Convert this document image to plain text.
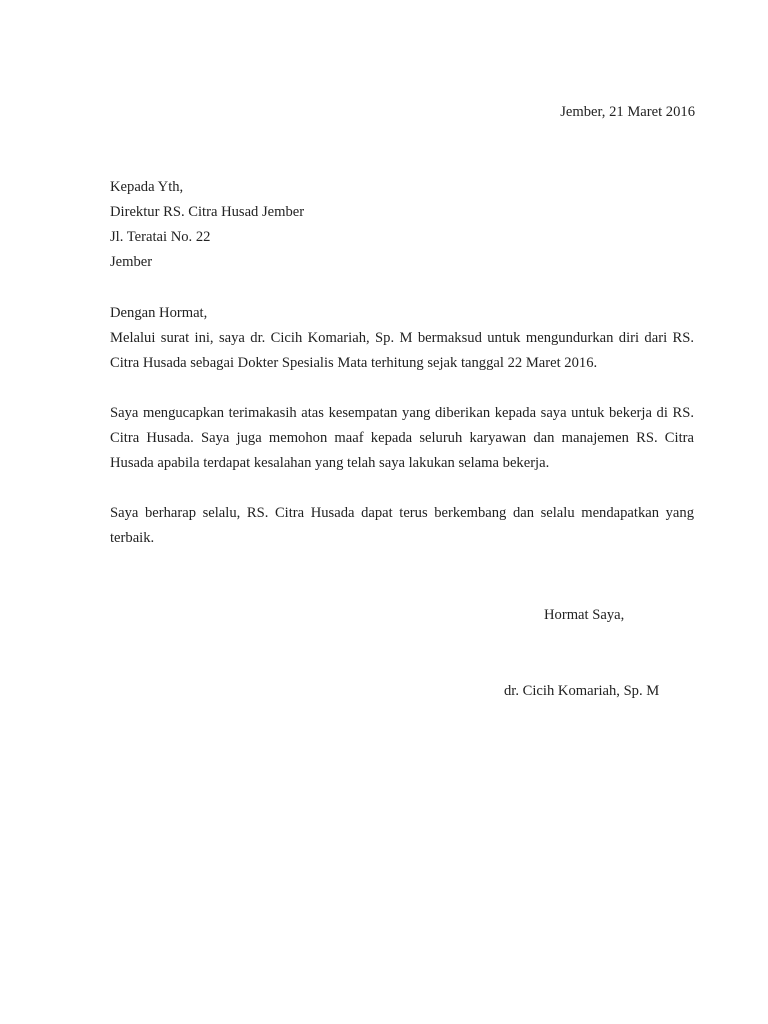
Jember, 21 Maret 2016
Kepada Yth,
Direktur RS. Citra Husad Jember
Jl. Teratai No. 22
Jember
Dengan Hormat,

Melalui surat ini, saya dr. Cicih Komariah, Sp. M bermaksud untuk mengundurkan diri dari RS. Citra Husada sebagai Dokter Spesialis Mata terhitung sejak tanggal 22 Maret 2016.

Saya mengucapkan terimakasih atas kesempatan yang diberikan kepada saya untuk bekerja di RS. Citra Husada. Saya juga memohon maaf kepada seluruh karyawan dan manajemen RS. Citra Husada apabila terdapat kesalahan yang telah saya lakukan selama bekerja.

Saya berharap selalu, RS. Citra Husada dapat terus berkembang dan selalu mendapatkan yang terbaik.

Hormat Saya,
dr. Cicih Komariah, Sp. M
